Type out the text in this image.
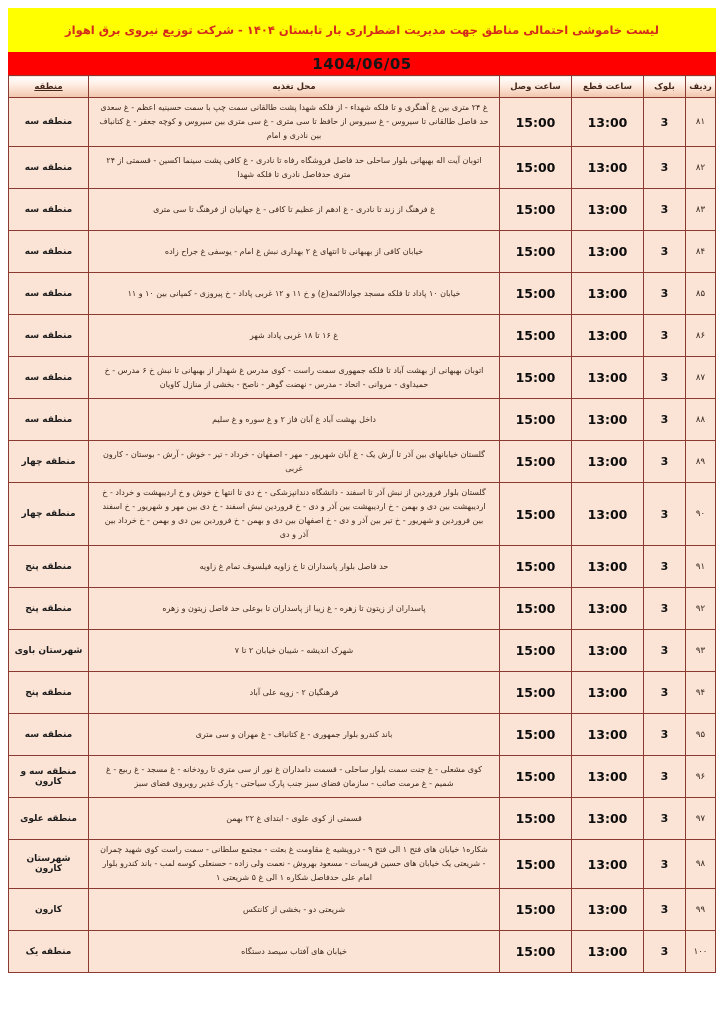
لیست خاموشی احتمالی مناطق جهت مدیریت اضطراری بار تابستان ۱۴۰۴ - شرکت توزیع نیروی برق اهواز
1404/06/05
ردیف	بلوک	ساعت قطع	ساعت وصل	محل تغذیه	منطقه
۸۱	3	13:00	15:00	غ ۲۴ متری بین غ آهنگری و تا فلکه شهداء - از فلکه شهدا پشت طالقانی سمت چپ با سمت حسینیه اعظم - غ سعدی حد فاصل طالقانی تا سیروس - غ سیروس از حافظ تا سی متری - غ سی متری بین سیروس و کوچه جعفر - غ کتانباف بین نادری و امام	منطقه سه
۸۲	3	13:00	15:00	اتوبان آیت اله بهبهانی بلوار ساحلی حد فاصل فروشگاه رفاه تا نادری - غ کافی پشت سینما اکسین - قسمتی از ۲۴ متری حدفاصل نادری تا فلکه شهدا	منطقه سه
۸۳	3	13:00	15:00	غ فرهنگ از زند تا نادری - غ ادهم از عظیم تا کافی - غ جهانیان از فرهنگ تا سی متری	منطقه سه
۸۴	3	13:00	15:00	خیابان کافی از بهبهانی تا انتهای غ ۲ بهداری نبش غ امام - یوسفی غ جراح زاده	منطقه سه
۸۵	3	13:00	15:00	خیابان ۱۰ پاداد تا فلکه مسجد جوادالائمه(ع) و خ ۱۱ و ۱۲ غربی پاداد - خ پیروزی - کمپانی بین ۱۰ و ۱۱	منطقه سه
۸۶	3	13:00	15:00	غ ۱۶ تا ۱۸ غربی پاداد شهر	منطقه سه
۸۷	3	13:00	15:00	اتوبان بهبهانی از بهشت آباد تا فلکه جمهوری سمت راست - کوی مدرس غ شهدار از بهبهانی تا نبش خ ۶ مدرس - خ حمیداوی - مروانی - اتحاد - مدرس - نهضت گوهر - ناصح - بخشی از منازل کاویان	منطقه سه
۸۸	3	13:00	15:00	داخل بهشت آباد غ آبان فاز ۲ و غ سوره و غ سلیم	منطقه سه
۸۹	3	13:00	15:00	گلستان خیابانهای بین آذر تا آرش یک - غ آبان شهریور - مهر - اصفهان - خرداد - تیر - خوش - آرش - بوستان - کارون غربی	منطقه چهار
۹۰	3	13:00	15:00	گلستان بلوار فروردین از نبش آذر تا اسفند - دانشگاه دندانپزشکی - خ دی تا انتها خ خوش و خ اردیبهشت و خرداد - خ اردیبهشت بین دی و بهمن - خ اردیبهشت بین آذر و دی - خ فروردین نبش اسفند - خ دی بین مهر و شهریور - خ اسفند بین فروردین و شهریور - خ تیر بین آذر و دی - خ اصفهان بین دی و بهمن - خ فروردین بین دی و بهمن - خ خرداد بین آذر و دی	منطقه چهار
۹۱	3	13:00	15:00	حد فاصل بلوار پاسداران تا خ زاویه فیلسوف تمام غ زاویه	منطقه پنج
۹۲	3	13:00	15:00	پاسداران از زیتون تا زهره - غ زیبا از پاسداران تا بوعلی حد فاصل زیتون و زهره	منطقه پنج
۹۳	3	13:00	15:00	شهرک اندیشه - شیبان خیابان ۲ تا ۷	شهرستان باوی
۹۴	3	13:00	15:00	فرهنگیان ۲ - زویه علی آباد	منطقه پنج
۹۵	3	13:00	15:00	باند کندرو بلوار جمهوری - غ کتانباف - غ مهران و سی متری	منطقه سه
۹۶	3	13:00	15:00	کوی مشعلی - غ جنت سمت بلوار ساحلی - قسمت دامداران غ نور از سی متری تا رودخانه - غ مسجد - غ ربیع - غ شمیم - غ مرمت صائب - سازمان فضای سبز جنب پارک سیاحتی - پارک غدیر روبروی فضای سبز	منطقه سه و کارون
۹۷	3	13:00	15:00	قسمتی از کوی علوی - ابتدای غ ۲۲ بهمن	منطقه علوی
۹۸	3	13:00	15:00	شکاره۱ خیابان های فتح ۱ الی فتح ۹ - درویشیه غ مقاومت غ بعثت - مجتمع سلطانی - سمت راست کوی شهید چمران - شریعتی یک خیابان های حسین فریسات - مسعود بهروش - نعمت ولی زاده - حسنعلی کوسه لمب - باند کندرو بلوار امام علی حدفاصل شکاره ۱ الی غ ۵ شریعتی ۱	شهرستان کارون
۹۹	3	13:00	15:00	شریعتی دو - بخشی از کانتکس	کارون
۱۰۰	3	13:00	15:00	خیابان های آفتاب سیصد دستگاه	منطقه یک
